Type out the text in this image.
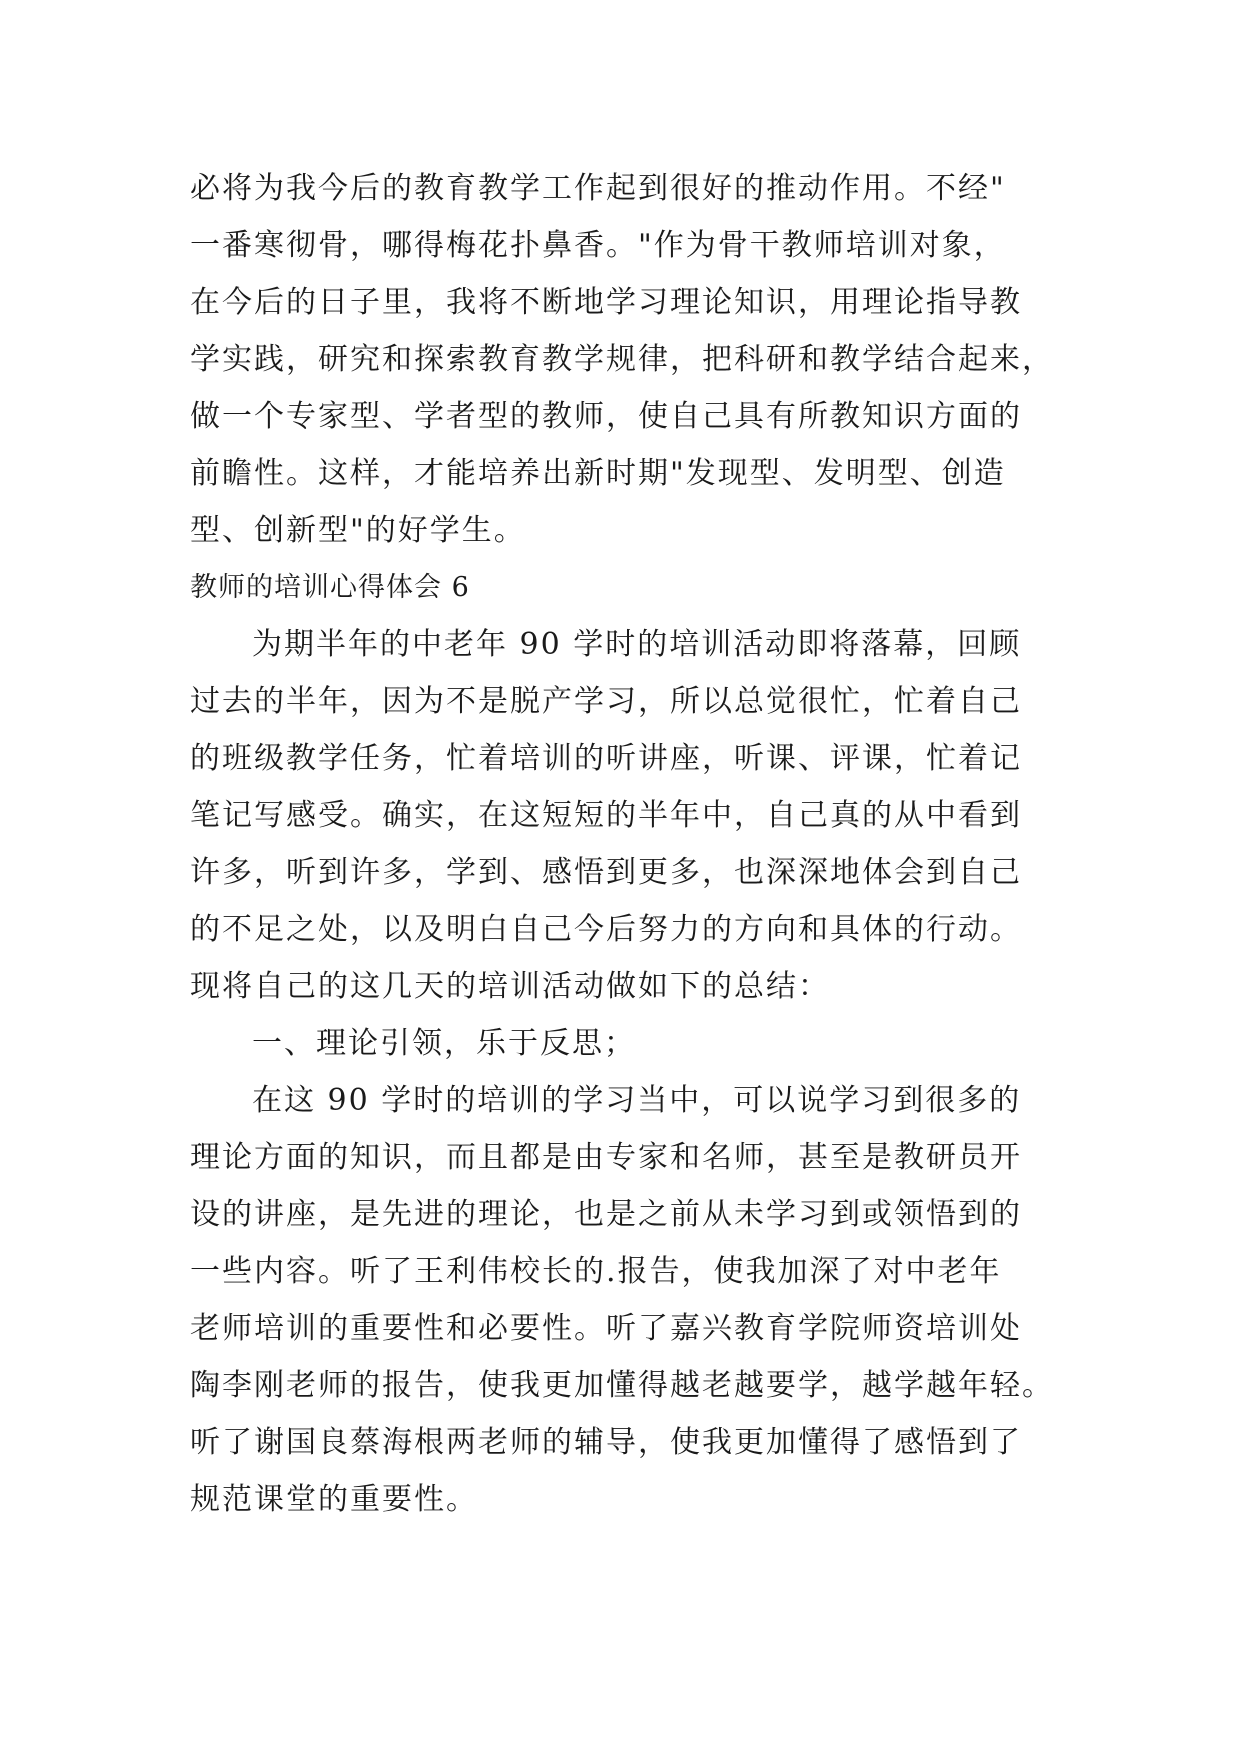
必将为我今后的教育教学工作起到很好的推动作用。不经"
一番寒彻骨，哪得梅花扑鼻香。"作为骨干教师培训对象，
在今后的日子里，我将不断地学习理论知识，用理论指导教
学实践，研究和探索教育教学规律，把科研和教学结合起来，
做一个专家型、学者型的教师，使自己具有所教知识方面的
前瞻性。这样，才能培养出新时期"发现型、发明型、创造
型、创新型"的好学生。
教师的培训心得体会 6
为期半年的中老年 90 学时的培训活动即将落幕，回顾
过去的半年，因为不是脱产学习，所以总觉很忙，忙着自己
的班级教学任务，忙着培训的听讲座，听课、评课，忙着记
笔记写感受。确实，在这短短的半年中，自己真的从中看到
许多，听到许多，学到、感悟到更多，也深深地体会到自己
的不足之处，以及明白自己今后努力的方向和具体的行动。
现将自己的这几天的培训活动做如下的总结：
一、理论引领，乐于反思；
在这 90 学时的培训的学习当中，可以说学习到很多的
理论方面的知识，而且都是由专家和名师，甚至是教研员开
设的讲座，是先进的理论，也是之前从未学习到或领悟到的
一些内容。听了王利伟校长的.报告，使我加深了对中老年
老师培训的重要性和必要性。听了嘉兴教育学院师资培训处
陶李刚老师的报告，使我更加懂得越老越要学，越学越年轻。
听了谢国良蔡海根两老师的辅导，使我更加懂得了感悟到了
规范课堂的重要性。
